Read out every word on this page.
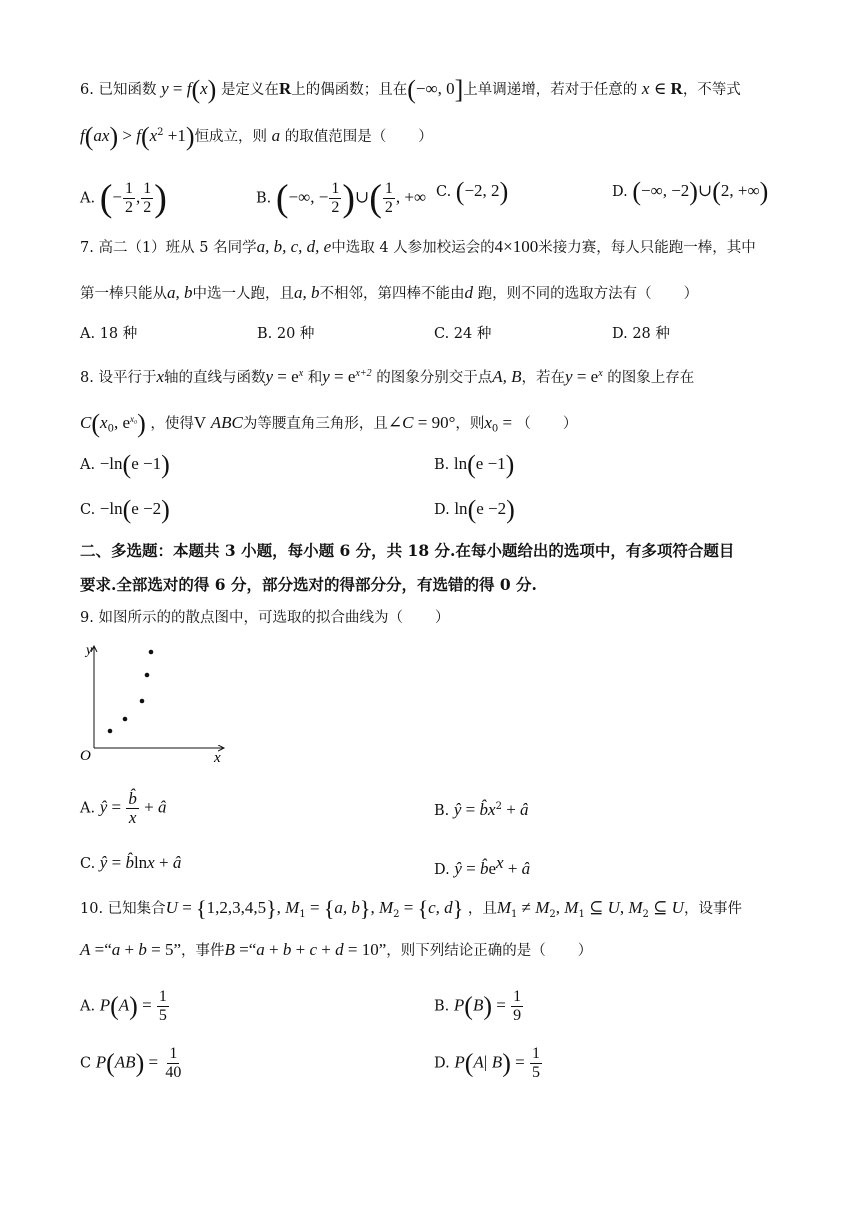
6. 已知函数 y = f(x) 是定义在R上的偶函数；且在(−∞, 0]上单调递增，若对于任意的 x ∈ R，不等式
$f(ax) > f(x^2 +1)$恒成立，则 a 的取值范围是（ ）
A. (− $\frac{1}{2}$ , $\frac{1}{2}$ )	B. (−∞, − $\frac{1}{2}$ )∪( $\frac{1}{2}$ , +∞ C. (−2, 2)	D. (−∞, −2)∪(2, +∞)
7. 高二（1）班从 5 名同学a, b, c, d, e中选取 4 人参加校运会的4×100米接力赛，每人只能跑一棒，其中
第一棒只能从a, b中选一人跑，且a, b不相邻，第四棒不能由d 跑，则不同的选取方法有（ ）
A. 18 种	B. 20 种	C. 24 种	D. 28 种
8. 设平行于x轴的直线与函数$y = e^x$ 和$y = e^{x+2}$ 的图象分别交于点A, B，若在$y = e^x$ 的图象上存在
$C(x_0$, $e^{x_0}$) ，使得V ABC为等腰直角三角形，且∠C = 90°，则$x_0$ = （ ）
A. −ln(e −1)	B. ln(e −1)
C. −ln(e −2)	D. ln(e −2)
二、多选题：本题共 3 小题，每小题 6 分，共 18 分.在每小题给出的选项中，有多项符合题目
要求.全部选对的得 6 分，部分选对的得部分分，有选错的得 0 分.
9. 如图所示的的散点图中，可选取的拟合曲线为（ ）
y
x
O
A. ŷ = $\frac{b̂}{x}$ + â	B. ŷ = $b̂x^2$ + â
C. ŷ = b̂lnx + â	D. ŷ = $b̂e^x$ + â
10. 已知集合U = {1,2,3,4,5}, $M_1 = \{a$, b}, $M_2 = \{c$, d} ，且$M_1 \ne M_2$, $M_1$ ⊆ U, $M_2$ ⊆ U，设事件
A =“a + b = 5”，事件B =“a + b + c + d = 10”，则下列结论正确的是（ ）
A. $P(A) = \frac{1}{5}$	B. $P(B) = \frac{1}{9}$
C $P(AB) = \frac{1}{40}$	D. P(A| $B) = \frac{1}{5}$
